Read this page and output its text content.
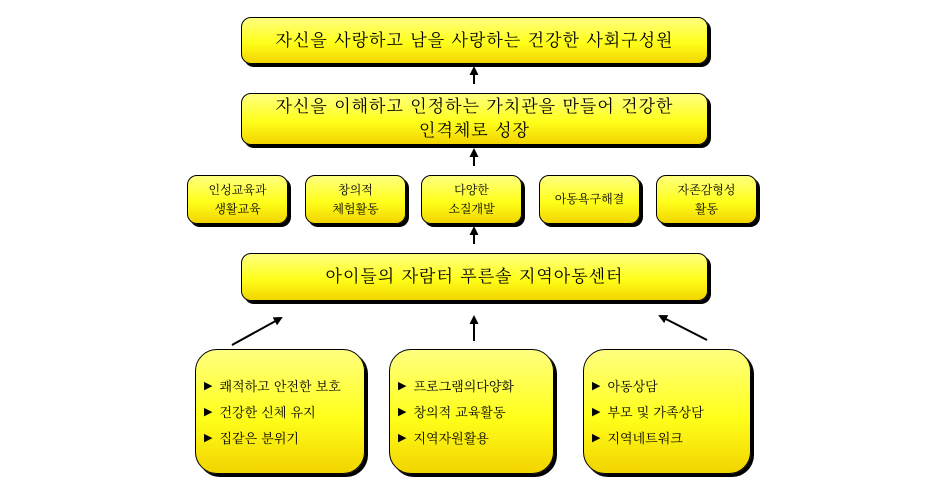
자신을 사랑하고 남을 사랑하는 건강한 사회구성원
자신을 이해하고 인정하는 가치관을 만들어 건강한
인격체로 성장
인성교육과
생활교육
창의적
체험활동
다양한
소질개발
아동욕구해결
자존감형성
활동
아이들의 자람터 푸른솔 지역아동센터
▶ 쾌적하고 안전한 보호
▶ 건강한 신체 유지
▶ 집같은 분위기
▶ 프로그램의다양화
▶ 창의적 교육활동
▶ 지역자원활용
▶ 아동상담
▶ 부모 및 가족상담
▶ 지역네트워크
